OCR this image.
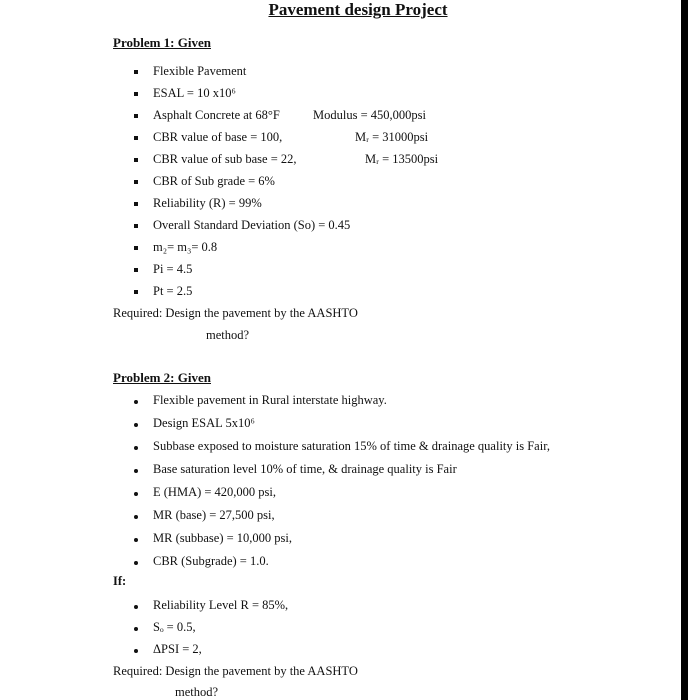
Pavement design Project
Problem 1: Given
Flexible Pavement
ESAL = 10 x10⁶
Asphalt Concrete at 68°F	Modulus = 450,000psi
CBR value of base = 100,	Mᵣ = 31000psi
CBR value of sub base = 22,	Mᵣ = 13500psi
CBR of Sub grade = 6%
Reliability (R) = 99%
Overall Standard Deviation (So) = 0.45
m₂= m₃= 0.8
Pi = 4.5
Pt = 2.5
Required: Design the pavement by the AASHTO
method?
Problem 2: Given
Flexible pavement in Rural interstate highway.
Design ESAL 5x10⁶
Subbase exposed to moisture saturation 15% of time & drainage quality is Fair,
Base saturation level 10% of time, & drainage quality is Fair
E (HMA) = 420,000 psi,
MR (base) = 27,500 psi,
MR (subbase) = 10,000 psi,
CBR (Subgrade) = 1.0.
If:
Reliability Level R = 85%,
Sₒ = 0.5,
ΔPSI = 2,
Required: Design the pavement by the AASHTO
method?
